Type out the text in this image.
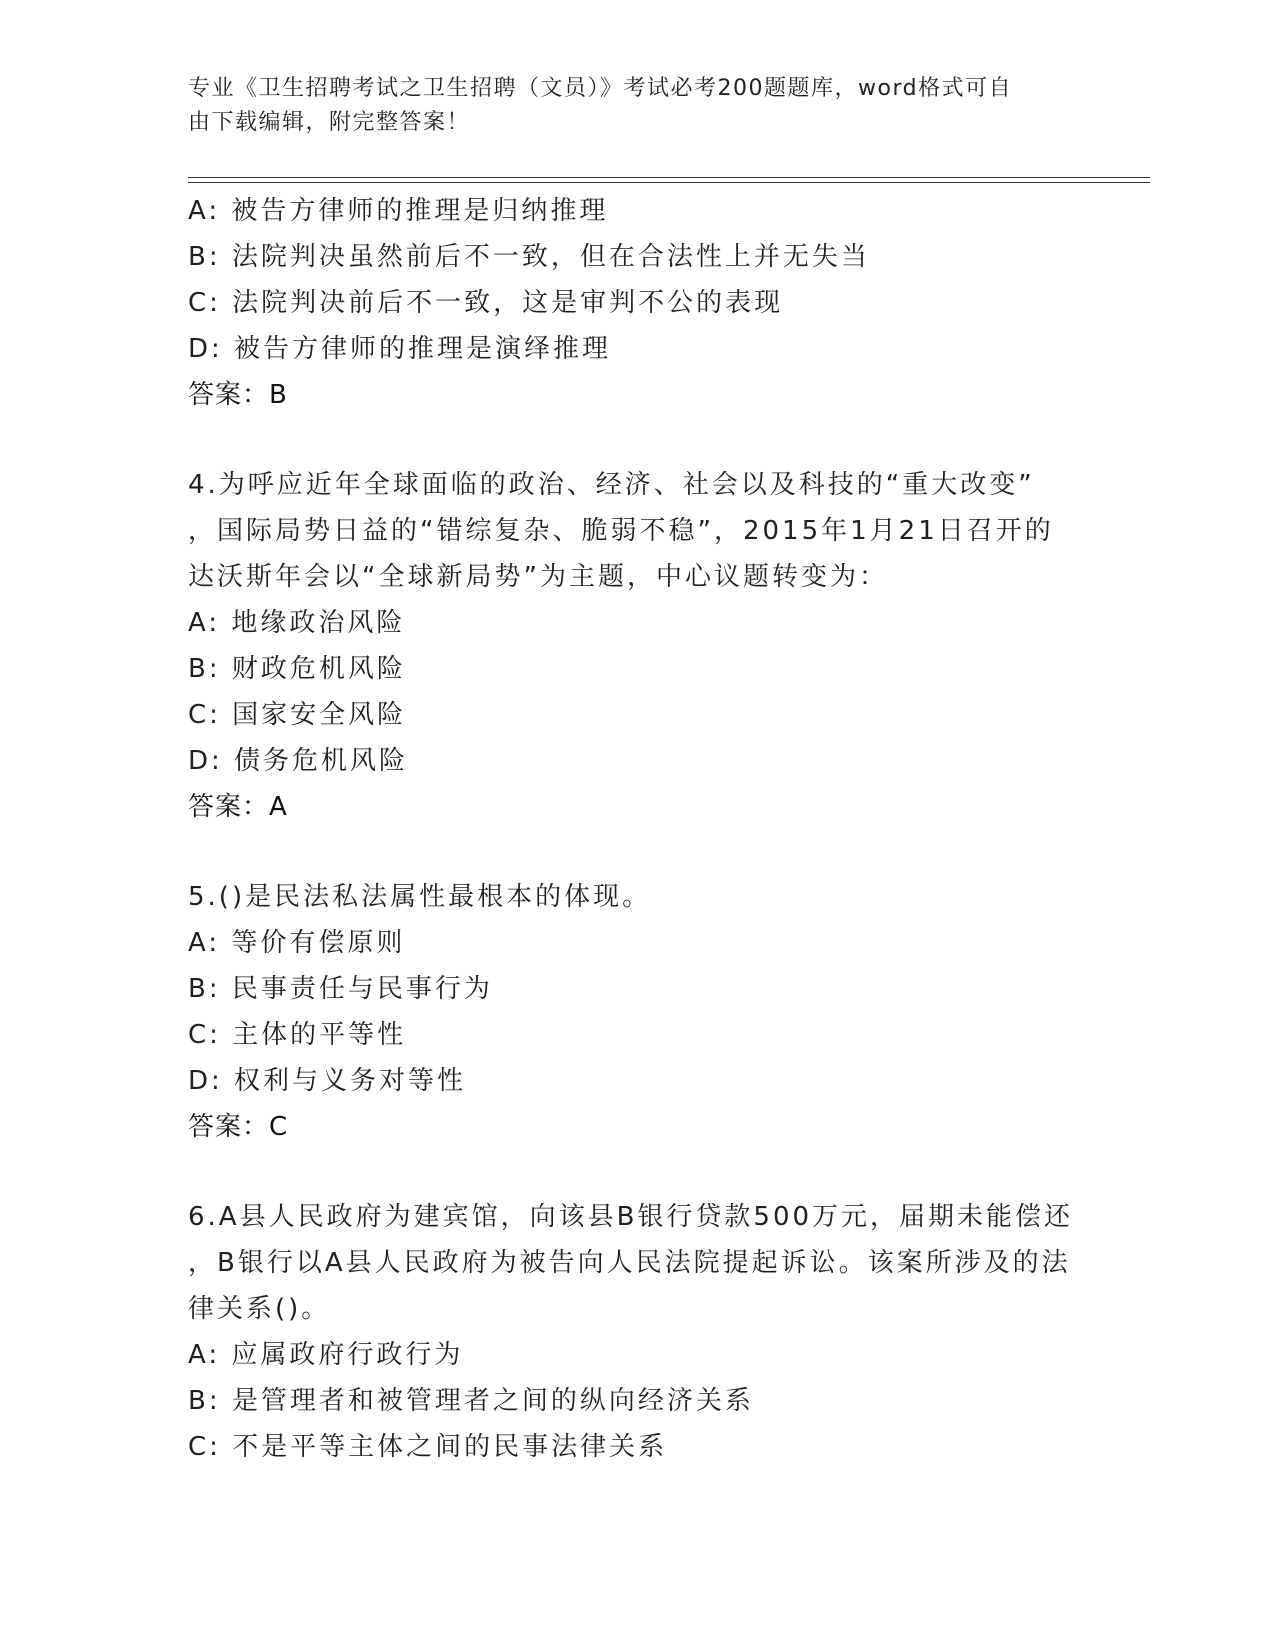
专业《卫生招聘考试之卫生招聘（文员）》考试必考200题题库，word格式可自
由下载编辑，附完整答案！
A: 被告方律师的推理是归纳推理
B: 法院判决虽然前后不一致，但在合法性上并无失当
C: 法院判决前后不一致，这是审判不公的表现
D: 被告方律师的推理是演绎推理
答案：B
4.为呼应近年全球面临的政治、经济、社会以及科技的“重大改变”
，国际局势日益的“错综复杂、脆弱不稳”，2015年1月21日召开的
达沃斯年会以“全球新局势”为主题，中心议题转变为：
A: 地缘政治风险
B: 财政危机风险
C: 国家安全风险
D: 债务危机风险
答案：A
5.()是民法私法属性最根本的体现。
A: 等价有偿原则
B: 民事责任与民事行为
C: 主体的平等性
D: 权利与义务对等性
答案：C
6.A县人民政府为建宾馆，向该县B银行贷款500万元，届期未能偿还
，B银行以A县人民政府为被告向人民法院提起诉讼。该案所涉及的法
律关系()。
A: 应属政府行政行为
B: 是管理者和被管理者之间的纵向经济关系
C: 不是平等主体之间的民事法律关系
